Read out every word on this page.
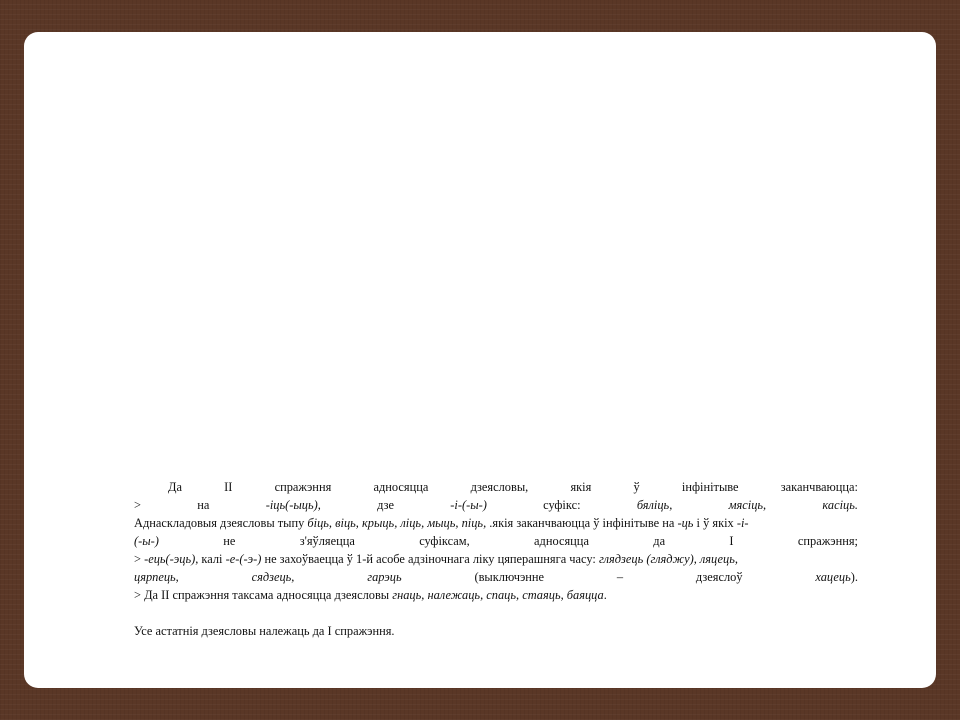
Да II спражэння адносяцца дзеясловы, якія ў інфінітыве заканчваюцца:
> на -іць(-ыць), дзе -і-(-ы-) суфікс: бяліць, мясіць, касіць.
Аднаскладовыя дзеясловы тыпу біць, віць, крыць, ліць, мыць, піць, .якія заканчваюцца ў інфінітыве на -ць і ў якіх -і-
(-ы-) не з'яўляецца суфіксам, адносяцца да I спражэння;
> -ець(-эць), калі -е-(-э-) не захоўваецца ў 1-й асобе адзіночнага ліку цяперашняга часу: глядзець (гляджу), ляцець,
цярпець, сядзець, гарэць (выключэнне – дзеяслоў хацець).
> Да II спражэння таксама адносяцца дзеясловы гнаць, належаць, спаць, стаяць, баяцца.
Усе астатнія дзеясловы належаць да I спражэння.
